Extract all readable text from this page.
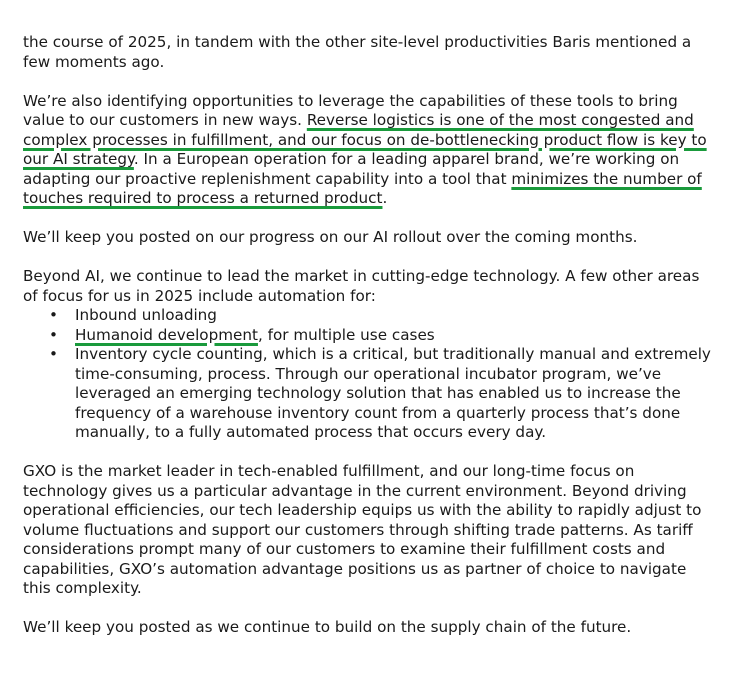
the course of 2025, in tandem with the other site-level productivities Baris mentioned a few moments ago.

We’re also identifying opportunities to leverage the capabilities of these tools to bring value to our customers in new ways. Reverse logistics is one of the most congested and complex processes in fulfillment, and our focus on de-bottlenecking product flow is key to our AI strategy. In a European operation for a leading apparel brand, we’re working on adapting our proactive replenishment capability into a tool that minimizes the number of touches required to process a returned product.

We’ll keep you posted on our progress on our AI rollout over the coming months.

Beyond AI, we continue to lead the market in cutting-edge technology. A few other areas of focus for us in 2025 include automation for:

• Inbound unloading
• Humanoid development, for multiple use cases
• Inventory cycle counting, which is a critical, but traditionally manual and extremely time-consuming, process. Through our operational incubator program, we’ve leveraged an emerging technology solution that has enabled us to increase the frequency of a warehouse inventory count from a quarterly process that’s done manually, to a fully automated process that occurs every day.

GXO is the market leader in tech-enabled fulfillment, and our long-time focus on technology gives us a particular advantage in the current environment. Beyond driving operational efficiencies, our tech leadership equips us with the ability to rapidly adjust to volume fluctuations and support our customers through shifting trade patterns. As tariff considerations prompt many of our customers to examine their fulfillment costs and capabilities, GXO’s automation advantage positions us as partner of choice to navigate this complexity.

We’ll keep you posted as we continue to build on the supply chain of the future.
